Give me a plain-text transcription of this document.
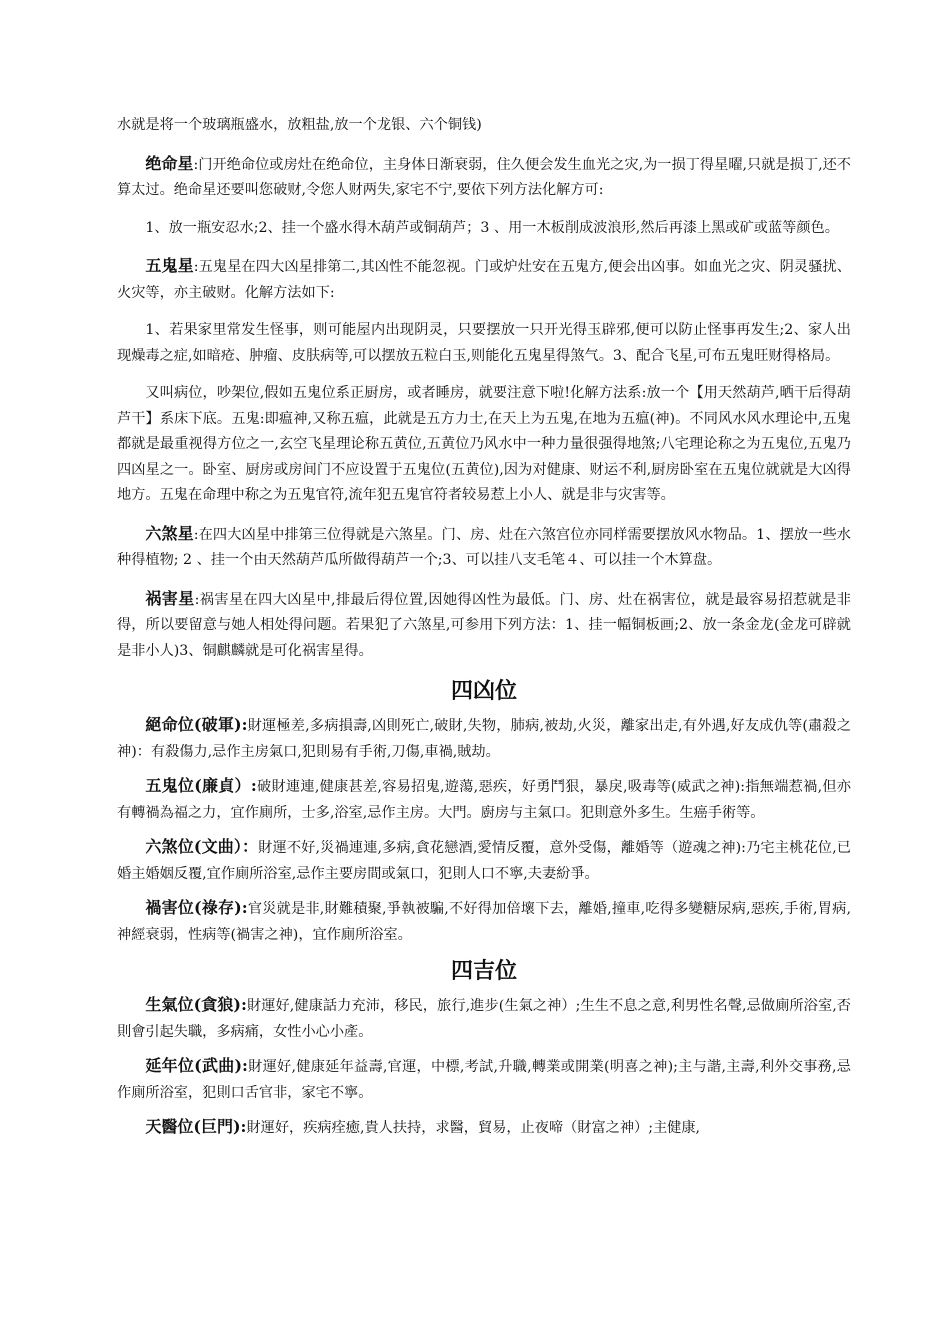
水就是将一个玻璃瓶盛水，放粗盐,放一个龙银、六个铜钱)

绝命星:门开绝命位或房灶在绝命位，主身体日渐衰弱，住久便会发生血光之灾,为一损丁得星曜,只就是损丁,还不算太过。绝命星还要叫您破财,令您人财两失,家宅不宁,要依下列方法化解方可:

1、放一瓶安忍水;2、挂一个盛水得木葫芦或铜葫芦；3 、用一木板削成波浪形,然后再漆上黑或矿或蓝等颜色。

五鬼星:五鬼星在四大凶星排第二,其凶性不能忽视。门或炉灶安在五鬼方,便会出凶事。如血光之灾、阴灵骚扰、火灾等，亦主破财。化解方法如下:

1、若果家里常发生怪事，则可能屋内出现阴灵，只要摆放一只开光得玉辟邪,便可以防止怪事再发生;2、家人出现燥毒之症,如暗疮、肿瘤、皮肤病等,可以摆放五粒白玉,则能化五鬼星得煞气。3、配合飞星,可布五鬼旺财得格局。

又叫病位，吵架位,假如五鬼位系正厨房，或者睡房，就要注意下啦!化解方法系:放一个【用天然葫芦,晒干后得葫芦干】系床下底。五鬼:即瘟神,又称五瘟，此就是五方力士,在天上为五鬼,在地为五瘟(神)。不同风水风水理论中,五鬼都就是最重视得方位之一,玄空飞星理论称五黄位,五黄位乃风水中一种力量很强得地煞;八宅理论称之为五鬼位,五鬼乃四凶星之一。卧室、厨房或房间门不应设置于五鬼位(五黄位),因为对健康、财运不利,厨房卧室在五鬼位就就是大凶得地方。五鬼在命理中称之为五鬼官符,流年犯五鬼官符者较易惹上小人、就是非与灾害等。

六煞星:在四大凶星中排第三位得就是六煞星。门、房、灶在六煞宫位亦同样需要摆放风水物品。1、摆放一些水种得植物; 2 、挂一个由天然葫芦瓜所做得葫芦一个;3、可以挂八支毛笔４、可以挂一个木算盘。

祸害星:祸害星在四大凶星中,排最后得位置,因她得凶性为最低。门、房、灶在祸害位，就是最容易招惹就是非得，所以要留意与她人相处得问题。若果犯了六煞星,可参用下列方法：1、挂一幅铜板画;2、放一条金龙(金龙可辟就是非小人)3、铜麒麟就是可化祸害星得。

四凶位

絕命位(破軍):財運極差,多病損壽,凶則死亡,破財,失物，肺病,被劫,火災，離家出走,有外遇,好友成仇等(肅殺之神)：有殺傷力,忌作主房氣口,犯則易有手術,刀傷,車禍,賊劫。

五鬼位(廉貞）:破財連連,健康甚差,容易招鬼,遊蕩,惡疾，好勇鬥狠，暴戾,吸毒等(威武之神):指無端惹禍,但亦有轉禍為福之力，宜作廁所，士多,浴室,忌作主房。大門。廚房与主氣口。犯則意外多生。生癌手術等。

六煞位(文曲）：財運不好,災禍連連,多病,貪花戀酒,愛情反覆，意外受傷，離婚等（遊魂之神):乃宅主桃花位,已婚主婚姻反覆,宜作廁所浴室,忌作主要房間或氣口，犯則人口不寧,夫妻紛爭。

禍害位(祿存):官災就是非,財難積聚,爭執被騙,不好得加倍壞下去，離婚,撞車,吃得多變糖尿病,惡疾,手術,胃病,神經衰弱，性病等(禍害之神)，宜作廁所浴室。

四吉位

生氣位(貪狼):財運好,健康話力充沛，移民，旅行,進步(生氣之神）;生生不息之意,利男性名聲,忌做廁所浴室,否則會引起失職，多病痛，女性小心小產。

延年位(武曲):財運好,健康延年益壽,官運，中標,考試,升職,轉業或開業(明喜之神);主与諧,主壽,利外交事務,忌作廁所浴室，犯則口舌官非，家宅不寧。

天醫位(巨門):財運好，疾病痊癒,貴人扶持，求醫，貿易，止夜啼（財富之神）;主健康,
